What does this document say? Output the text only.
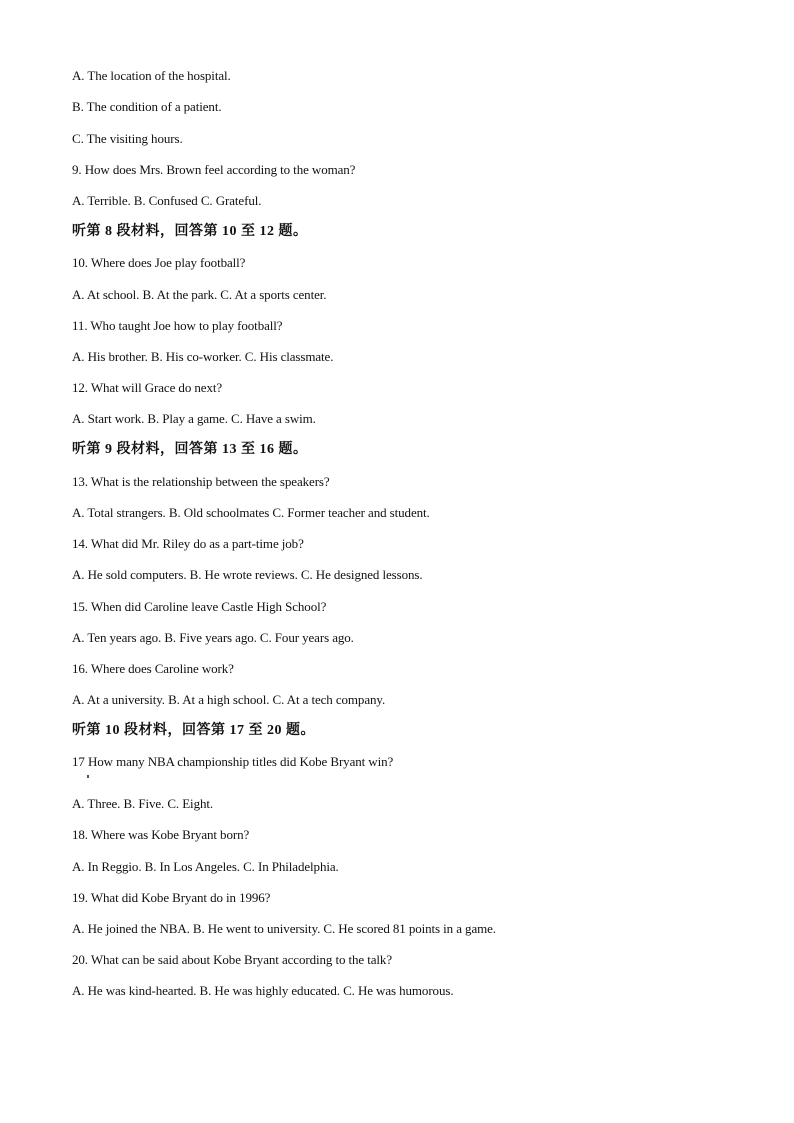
A. The location of the hospital.
B. The condition of a patient.
C. The visiting hours.
9. How does Mrs. Brown feel according to the woman?
A. Terrible. B. Confused C. Grateful.
听第 8 段材料，回答第 10 至 12 题。
10. Where does Joe play football?
A. At school. B. At the park. C. At a sports center.
11. Who taught Joe how to play football?
A. His brother. B. His co-worker. C. His classmate.
12. What will Grace do next?
A. Start work. B. Play a game. C. Have a swim.
听第 9 段材料，回答第 13 至 16 题。
13. What is the relationship between the speakers?
A. Total strangers. B. Old schoolmates C. Former teacher and student.
14. What did Mr. Riley do as a part-time job?
A. He sold computers. B. He wrote reviews. C. He designed lessons.
15. When did Caroline leave Castle High School?
A. Ten years ago. B. Five years ago. C. Four years ago.
16. Where does Caroline work?
A. At a university. B. At a high school. C. At a tech company.
听第 10 段材料，回答第 17 至 20 题。
17 How many NBA championship titles did Kobe Bryant win?
A. Three. B. Five. C. Eight.
18. Where was Kobe Bryant born?
A. In Reggio. B. In Los Angeles. C. In Philadelphia.
19. What did Kobe Bryant do in 1996?
A. He joined the NBA. B. He went to university. C. He scored 81 points in a game.
20. What can be said about Kobe Bryant according to the talk?
A. He was kind-hearted. B. He was highly educated. C. He was humorous.
